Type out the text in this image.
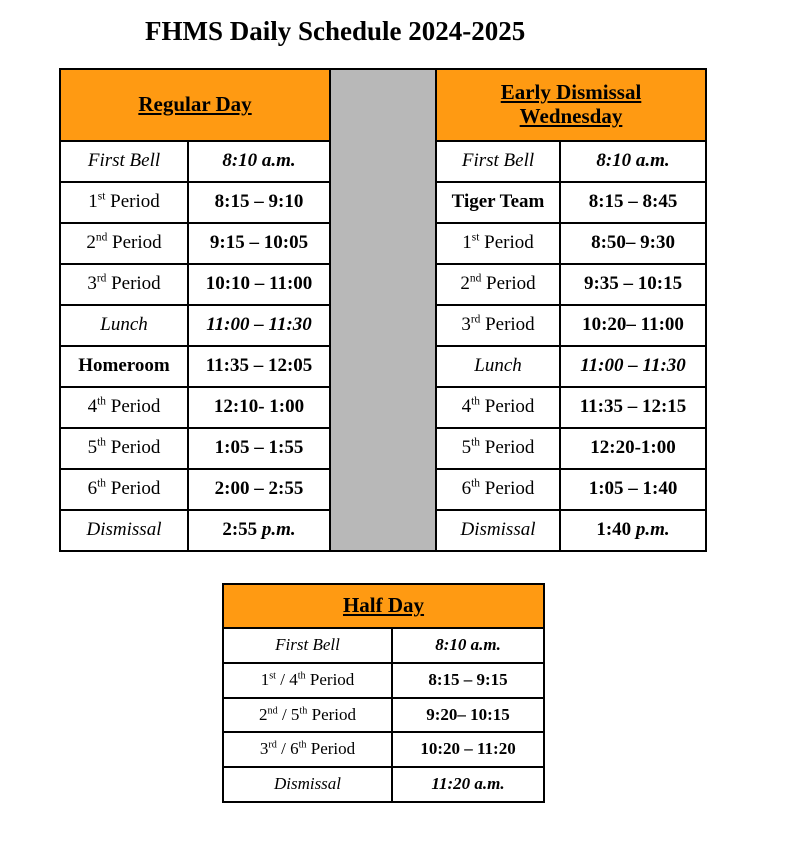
FHMS Daily Schedule 2024-2025
Regular Day			Early Dismissal
Wednesday	
First Bell	8:10 a.m.		First Bell	8:10 a.m.
1st Period	8:15 – 9:10		Tiger Team	8:15 – 8:45
2nd Period	9:15 – 10:05		1st Period	8:50– 9:30
3rd Period	10:10 – 11:00		2nd Period	9:35 – 10:15
Lunch	11:00 – 11:30		3rd Period	10:20– 11:00
Homeroom	11:35 – 12:05		Lunch	11:00 – 11:30
4th Period	12:10- 1:00		4th Period	11:35 – 12:15
5th Period	1:05 – 1:55		5th Period	12:20-1:00
6th Period	2:00 – 2:55		6th Period	1:05 – 1:40
Dismissal	2:55 p.m.		Dismissal	1:40 p.m.
Half Day	
First Bell	8:10 a.m.
1st / 4th Period	8:15 – 9:15
2nd / 5th Period	9:20– 10:15
3rd / 6th Period	10:20 – 11:20
Dismissal	11:20 a.m.
